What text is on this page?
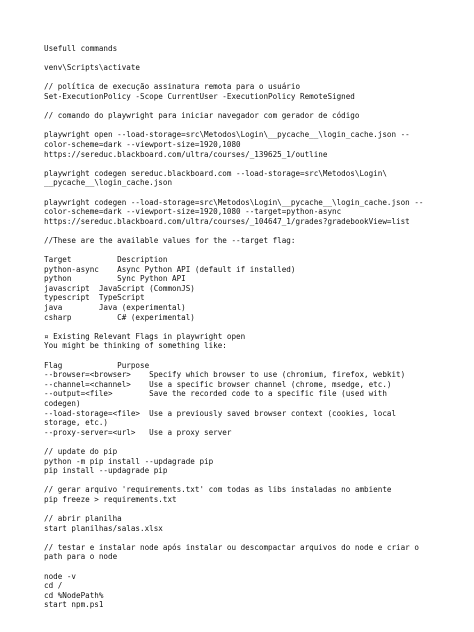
Usefull commands

venv\Scripts\activate

// política de execução assinatura remota para o usuário
Set-ExecutionPolicy -Scope CurrentUser -ExecutionPolicy RemoteSigned

// comando do playwright para iniciar navegador com gerador de código

playwright open --load-storage=src\Metodos\Login\__pycache__\login_cache.json --
color-scheme=dark --viewport-size=1920,1080
https://sereduc.blackboard.com/ultra/courses/_139625_1/outline

playwright codegen sereduc.blackboard.com --load-storage=src\Metodos\Login\
__pycache__\login_cache.json

playwright codegen --load-storage=src\Metodos\Login\__pycache__\login_cache.json --
color-scheme=dark --viewport-size=1920,1080 --target=python-async
https://sereduc.blackboard.com/ultra/courses/_104647_1/grades?gradebookView=list

//These are the available values for the --target flag:

Target          Description
python-async    Async Python API (default if installed)
python          Sync Python API
javascript  JavaScript (CommonJS)
typescript  TypeScript
java        Java (experimental)
csharp          C# (experimental)

¤ Existing Relevant Flags in playwright open
You might be thinking of something like:

Flag            Purpose
--browser=<browser>    Specify which browser to use (chromium, firefox, webkit)
--channel=<channel>    Use a specific browser channel (chrome, msedge, etc.)
--output=<file>        Save the recorded code to a specific file (used with
codegen)
--load-storage=<file>  Use a previously saved browser context (cookies, local
storage, etc.)
--proxy-server=<url>   Use a proxy server

// update do pip
python -m pip install --updagrade pip
pip install --updagrade pip

// gerar arquivo 'requirements.txt' com todas as libs instaladas no ambiente
pip freeze > requirements.txt

// abrir planilha
start planilhas/salas.xlsx

// testar e instalar node após instalar ou descompactar arquivos do node e criar o
path para o node

node -v
cd /
cd %NodePath%
start npm.ps1
